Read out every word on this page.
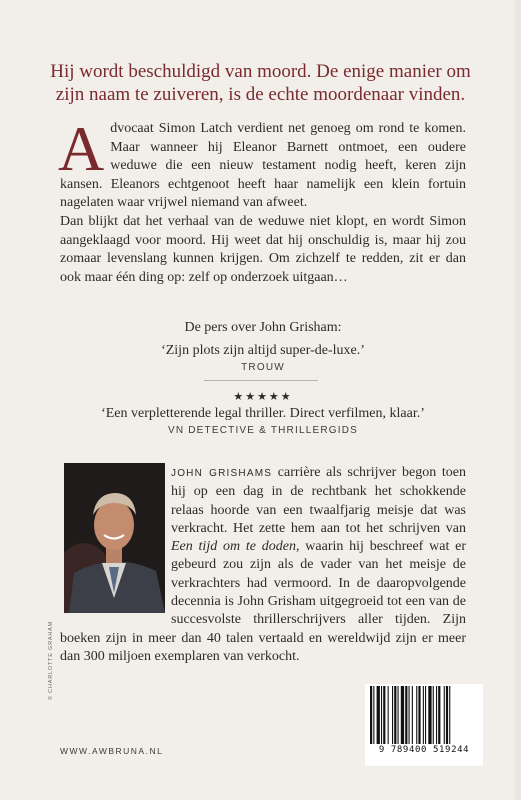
Hij wordt beschuldigd van moord. De enige manier om zijn naam te zuiveren, is de echte moordenaar vinden.

Advocaat Simon Latch verdient net genoeg om rond te komen. Maar wanneer hij Eleanor Barnett ontmoet, een oudere weduwe die een nieuw testament nodig heeft, keren zijn kansen. Eleanors echtgenoot heeft haar namelijk een klein fortuin nagelaten waar vrijwel niemand van afweet.

Dan blijkt dat het verhaal van de weduwe niet klopt, en wordt Simon aangeklaagd voor moord. Hij weet dat hij onschuldig is, maar hij zou zomaar levenslang kunnen krijgen. Om zichzelf te redden, zit er dan ook maar één ding op: zelf op onderzoek uitgaan…

De pers over John Grisham:
‘Zijn plots zijn altijd super-de-luxe.’
TROUW
★★★★★
‘Een verpletterende legal thriller. Direct verfilmen, klaar.’
VN DETECTIVE & THRILLERGIDS
© CHARLOTTE GRAHAM
JOHN GRISHAMS carrière als schrijver begon toen hij op een dag in de rechtbank het schokkende relaas hoorde van een twaalfjarig meisje dat was verkracht. Het zette hem aan tot het schrijven van Een tijd om te doden, waarin hij beschreef wat er gebeurd zou zijn als de vader van het meisje de verkrachters had vermoord. In de daaropvolgende decennia is John Grisham uitgegroeid tot een van de succesvolste thrillerschrijvers aller tijden. Zijn boeken zijn in meer dan 40 talen vertaald en wereldwijd zijn er meer dan 300 miljoen exemplaren van verkocht.
WWW.AWBRUNA.NL	9 789400 519244
